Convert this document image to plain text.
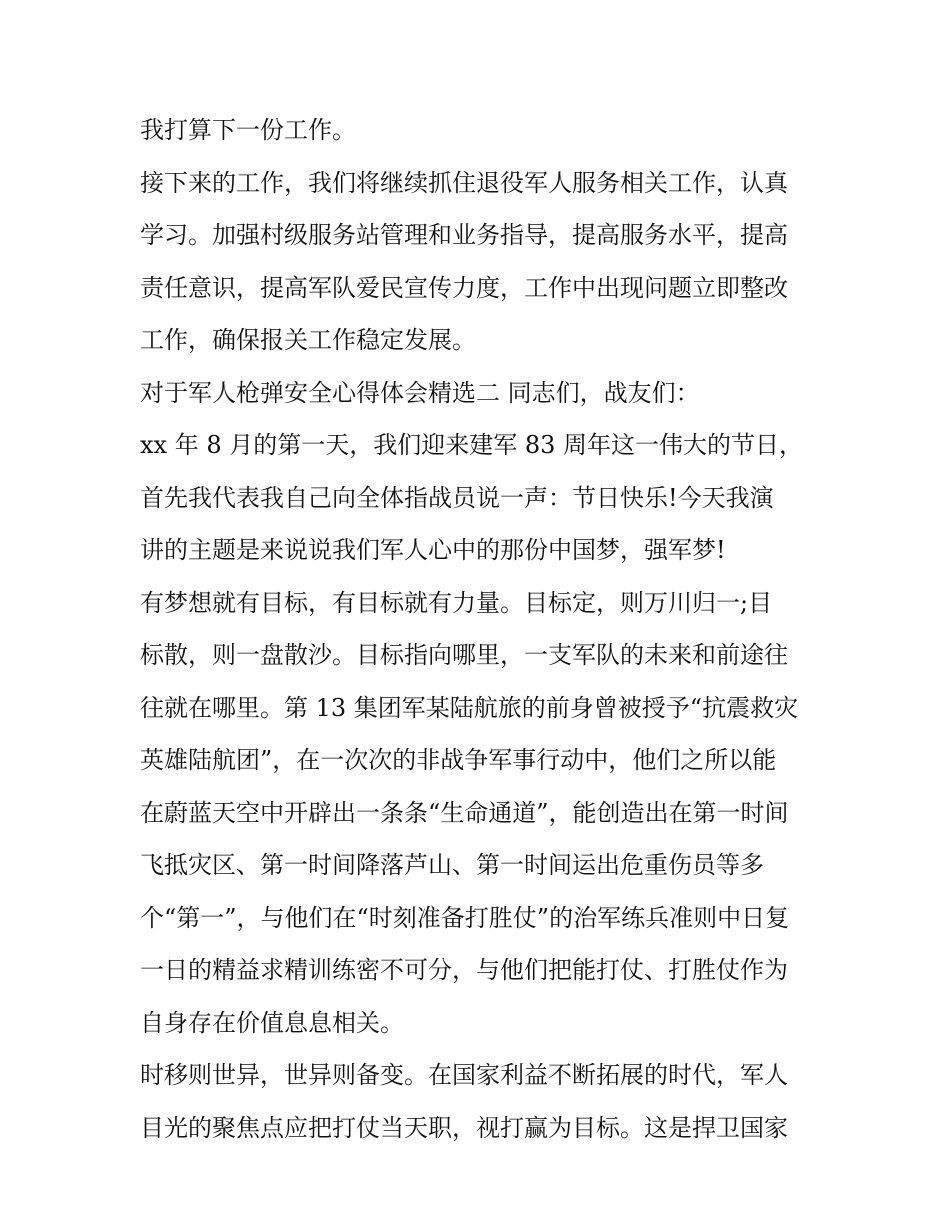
我打算下一份工作。
接下来的工作，我们将继续抓住退役军人服务相关工作，认真
学习。加强村级服务站管理和业务指导，提高服务水平，提高
责任意识，提高军队爱民宣传力度，工作中出现问题立即整改
工作，确保报关工作稳定发展。
对于军人枪弹安全心得体会精选二 同志们，战友们：
xx 年 8 月的第一天，我们迎来建军 83 周年这一伟大的节日，
首先我代表我自己向全体指战员说一声：节日快乐!今天我演
讲的主题是来说说我们军人心中的那份中国梦，强军梦!
有梦想就有目标，有目标就有力量。目标定，则万川归一;目
标散，则一盘散沙。目标指向哪里，一支军队的未来和前途往
往就在哪里。第 13 集团军某陆航旅的前身曾被授予“抗震救灾
英雄陆航团”，在一次次的非战争军事行动中，他们之所以能
在蔚蓝天空中开辟出一条条“生命通道”，能创造出在第一时间
飞抵灾区、第一时间降落芦山、第一时间运出危重伤员等多
个“第一”，与他们在“时刻准备打胜仗”的治军练兵准则中日复
一日的精益求精训练密不可分，与他们把能打仗、打胜仗作为
自身存在价值息息相关。
时移则世异，世异则备变。在国家利益不断拓展的时代，军人
目光的聚焦点应把打仗当天职，视打赢为目标。这是捍卫国家
